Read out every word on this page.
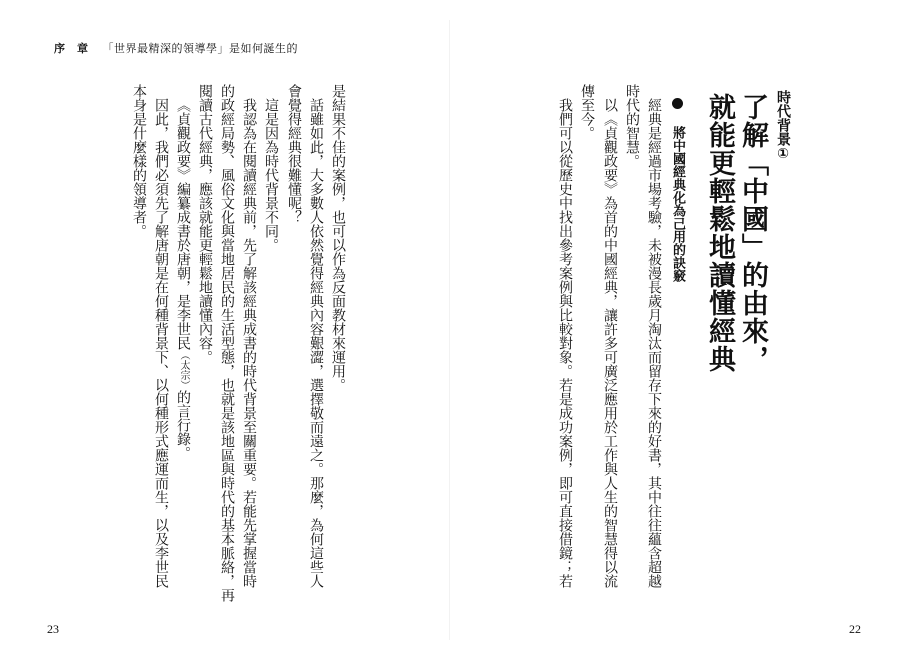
序　章 「世界最精深的領導學」是如何誕生的
時代背景①
了解「中國」的由來，
就能更輕鬆地讀懂經典
將中國經典化為己用的訣竅
經典是經過市場考驗，未被漫長歲月淘汰而留存下來的好書，其中往往蘊含超越
時代的智慧。
以《貞觀政要》為首的中國經典，讓許多可廣泛應用於工作與人生的智慧得以流
傳至今。
我們可以從歷史中找出參考案例與比較對象。若是成功案例，即可直接借鏡；若
是結果不佳的案例，也可以作為反面教材來運用。
話雖如此，大多數人依然覺得經典內容艱澀，選擇敬而遠之。那麼，為何這些人
會覺得經典很難懂呢？
這是因為時代背景不同。
我認為在閱讀經典前，先了解該經典成書的時代背景至關重要。若能先掌握當時
的政經局勢、風俗文化與當地居民的生活型態，也就是該地區與時代的基本脈絡，再
閱讀古代經典，應該就能更輕鬆地讀懂內容。
《貞觀政要》編纂成書於唐朝，是李世民（太宗）的言行錄。
因此，我們必須先了解唐朝是在何種背景下、以何種形式應運而生，以及李世民
本身是什麼樣的領導者。
23	22
